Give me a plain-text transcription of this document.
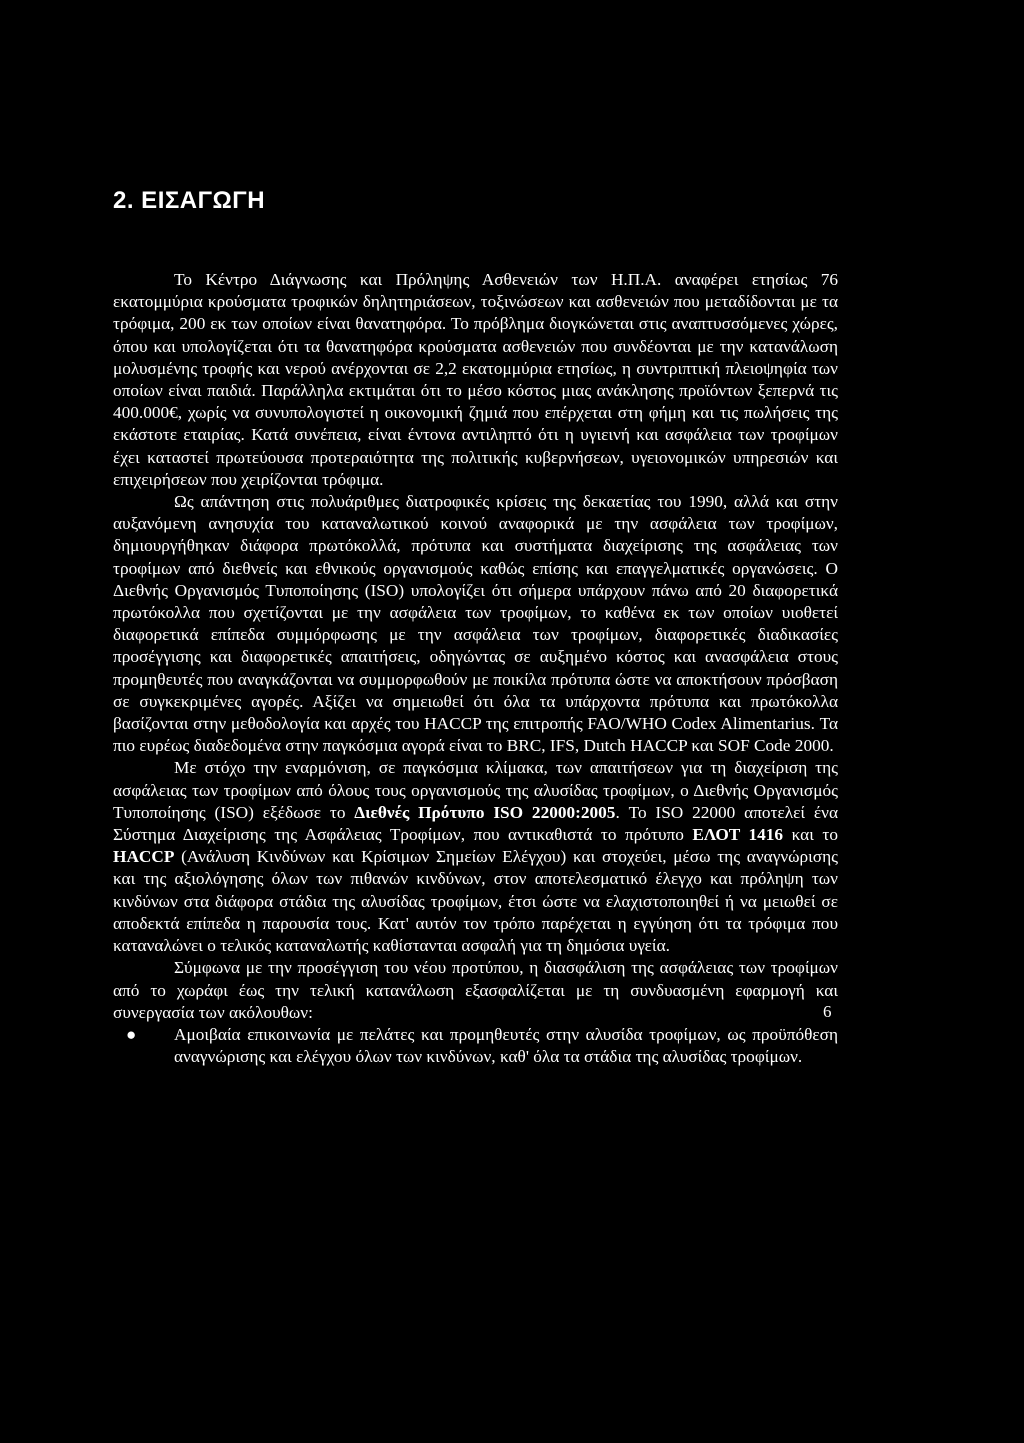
2. ΕΙΣΑΓΩΓΗ

Το Κέντρο Διάγνωσης και Πρόληψης Ασθενειών των Η.Π.Α. αναφέρει ετησίως 76 εκατομμύρια κρούσματα τροφικών δηλητηριάσεων, τοξινώσεων και ασθενειών που μεταδίδονται με τα τρόφιμα, 200 εκ των οποίων είναι θανατηφόρα. Το πρόβλημα διογκώνεται στις αναπτυσσόμενες χώρες, όπου και υπολογίζεται ότι τα θανατηφόρα κρούσματα ασθενειών που συνδέονται με την κατανάλωση μολυσμένης τροφής και νερού ανέρχονται σε 2,2 εκατομμύρια ετησίως, η συντριπτική πλειοψηφία των οποίων είναι παιδιά. Παράλληλα εκτιμάται ότι το μέσο κόστος μιας ανάκλησης προϊόντων ξεπερνά τις 400.000€, χωρίς να συνυπολογιστεί η οικονομική ζημιά που επέρχεται στη φήμη και τις πωλήσεις της εκάστοτε εταιρίας. Κατά συνέπεια, είναι έντονα αντιληπτό ότι η υγιεινή και ασφάλεια των τροφίμων έχει καταστεί πρωτεύουσα προτεραιότητα της πολιτικής κυβερνήσεων, υγειονομικών υπηρεσιών και επιχειρήσεων που χειρίζονται τρόφιμα.

Ως απάντηση στις πολυάριθμες διατροφικές κρίσεις της δεκαετίας του 1990, αλλά και στην αυξανόμενη ανησυχία του καταναλωτικού κοινού αναφορικά με την ασφάλεια των τροφίμων, δημιουργήθηκαν διάφορα πρωτόκολλά, πρότυπα και συστήματα διαχείρισης της ασφάλειας των τροφίμων από διεθνείς και εθνικούς οργανισμούς καθώς επίσης και επαγγελματικές οργανώσεις. Ο Διεθνής Οργανισμός Τυποποίησης (ISO) υπολογίζει ότι σήμερα υπάρχουν πάνω από 20 διαφορετικά πρωτόκολλα που σχετίζονται με την ασφάλεια των τροφίμων, το καθένα εκ των οποίων υιοθετεί διαφορετικά επίπεδα συμμόρφωσης με την ασφάλεια των τροφίμων, διαφορετικές διαδικασίες προσέγγισης και διαφορετικές απαιτήσεις, οδηγώντας σε αυξημένο κόστος και ανασφάλεια στους προμηθευτές που αναγκάζονται να συμμορφωθούν με ποικίλα πρότυπα ώστε να αποκτήσουν πρόσβαση σε συγκεκριμένες αγορές. Αξίζει να σημειωθεί ότι όλα τα υπάρχοντα πρότυπα και πρωτόκολλα βασίζονται στην μεθοδολογία και αρχές του HACCP της επιτροπής FAO/WHO Codex Alimentarius. Τα πιο ευρέως διαδεδομένα στην παγκόσμια αγορά είναι το BRC, IFS, Dutch HACCP και SOF Code 2000.

Με στόχο την εναρμόνιση, σε παγκόσμια κλίμακα, των απαιτήσεων για τη διαχείριση της ασφάλειας των τροφίμων από όλους τους οργανισμούς της αλυσίδας τροφίμων, ο Διεθνής Οργανισμός Τυποποίησης (ISO) εξέδωσε το Διεθνές Πρότυπο ISO 22000:2005. Το ISO 22000 αποτελεί ένα Σύστημα Διαχείρισης της Ασφάλειας Τροφίμων, που αντικαθιστά το πρότυπο ΕΛΟΤ 1416 και το HACCP (Ανάλυση Κινδύνων και Κρίσιμων Σημείων Ελέγχου) και στοχεύει, μέσω της αναγνώρισης και της αξιολόγησης όλων των πιθανών κινδύνων, στον αποτελεσματικό έλεγχο και πρόληψη των κινδύνων στα διάφορα στάδια της αλυσίδας τροφίμων, έτσι ώστε να ελαχιστοποιηθεί ή να μειωθεί σε αποδεκτά επίπεδα η παρουσία τους. Κατ' αυτόν τον τρόπο παρέχεται η εγγύηση ότι τα τρόφιμα που καταναλώνει ο τελικός καταναλωτής καθίστανται ασφαλή για τη δημόσια υγεία.

Σύμφωνα με την προσέγγιση του νέου προτύπου, η διασφάλιση της ασφάλειας των τροφίμων από το χωράφι έως την τελική κατανάλωση εξασφαλίζεται με τη συνδυασμένη εφαρμογή και συνεργασία των ακόλουθων:

● Αμοιβαία επικοινωνία με πελάτες και προμηθευτές στην αλυσίδα τροφίμων, ως προϋπόθεση αναγνώρισης και ελέγχου όλων των κινδύνων, καθ' όλα τα στάδια της αλυσίδας τροφίμων.
6
